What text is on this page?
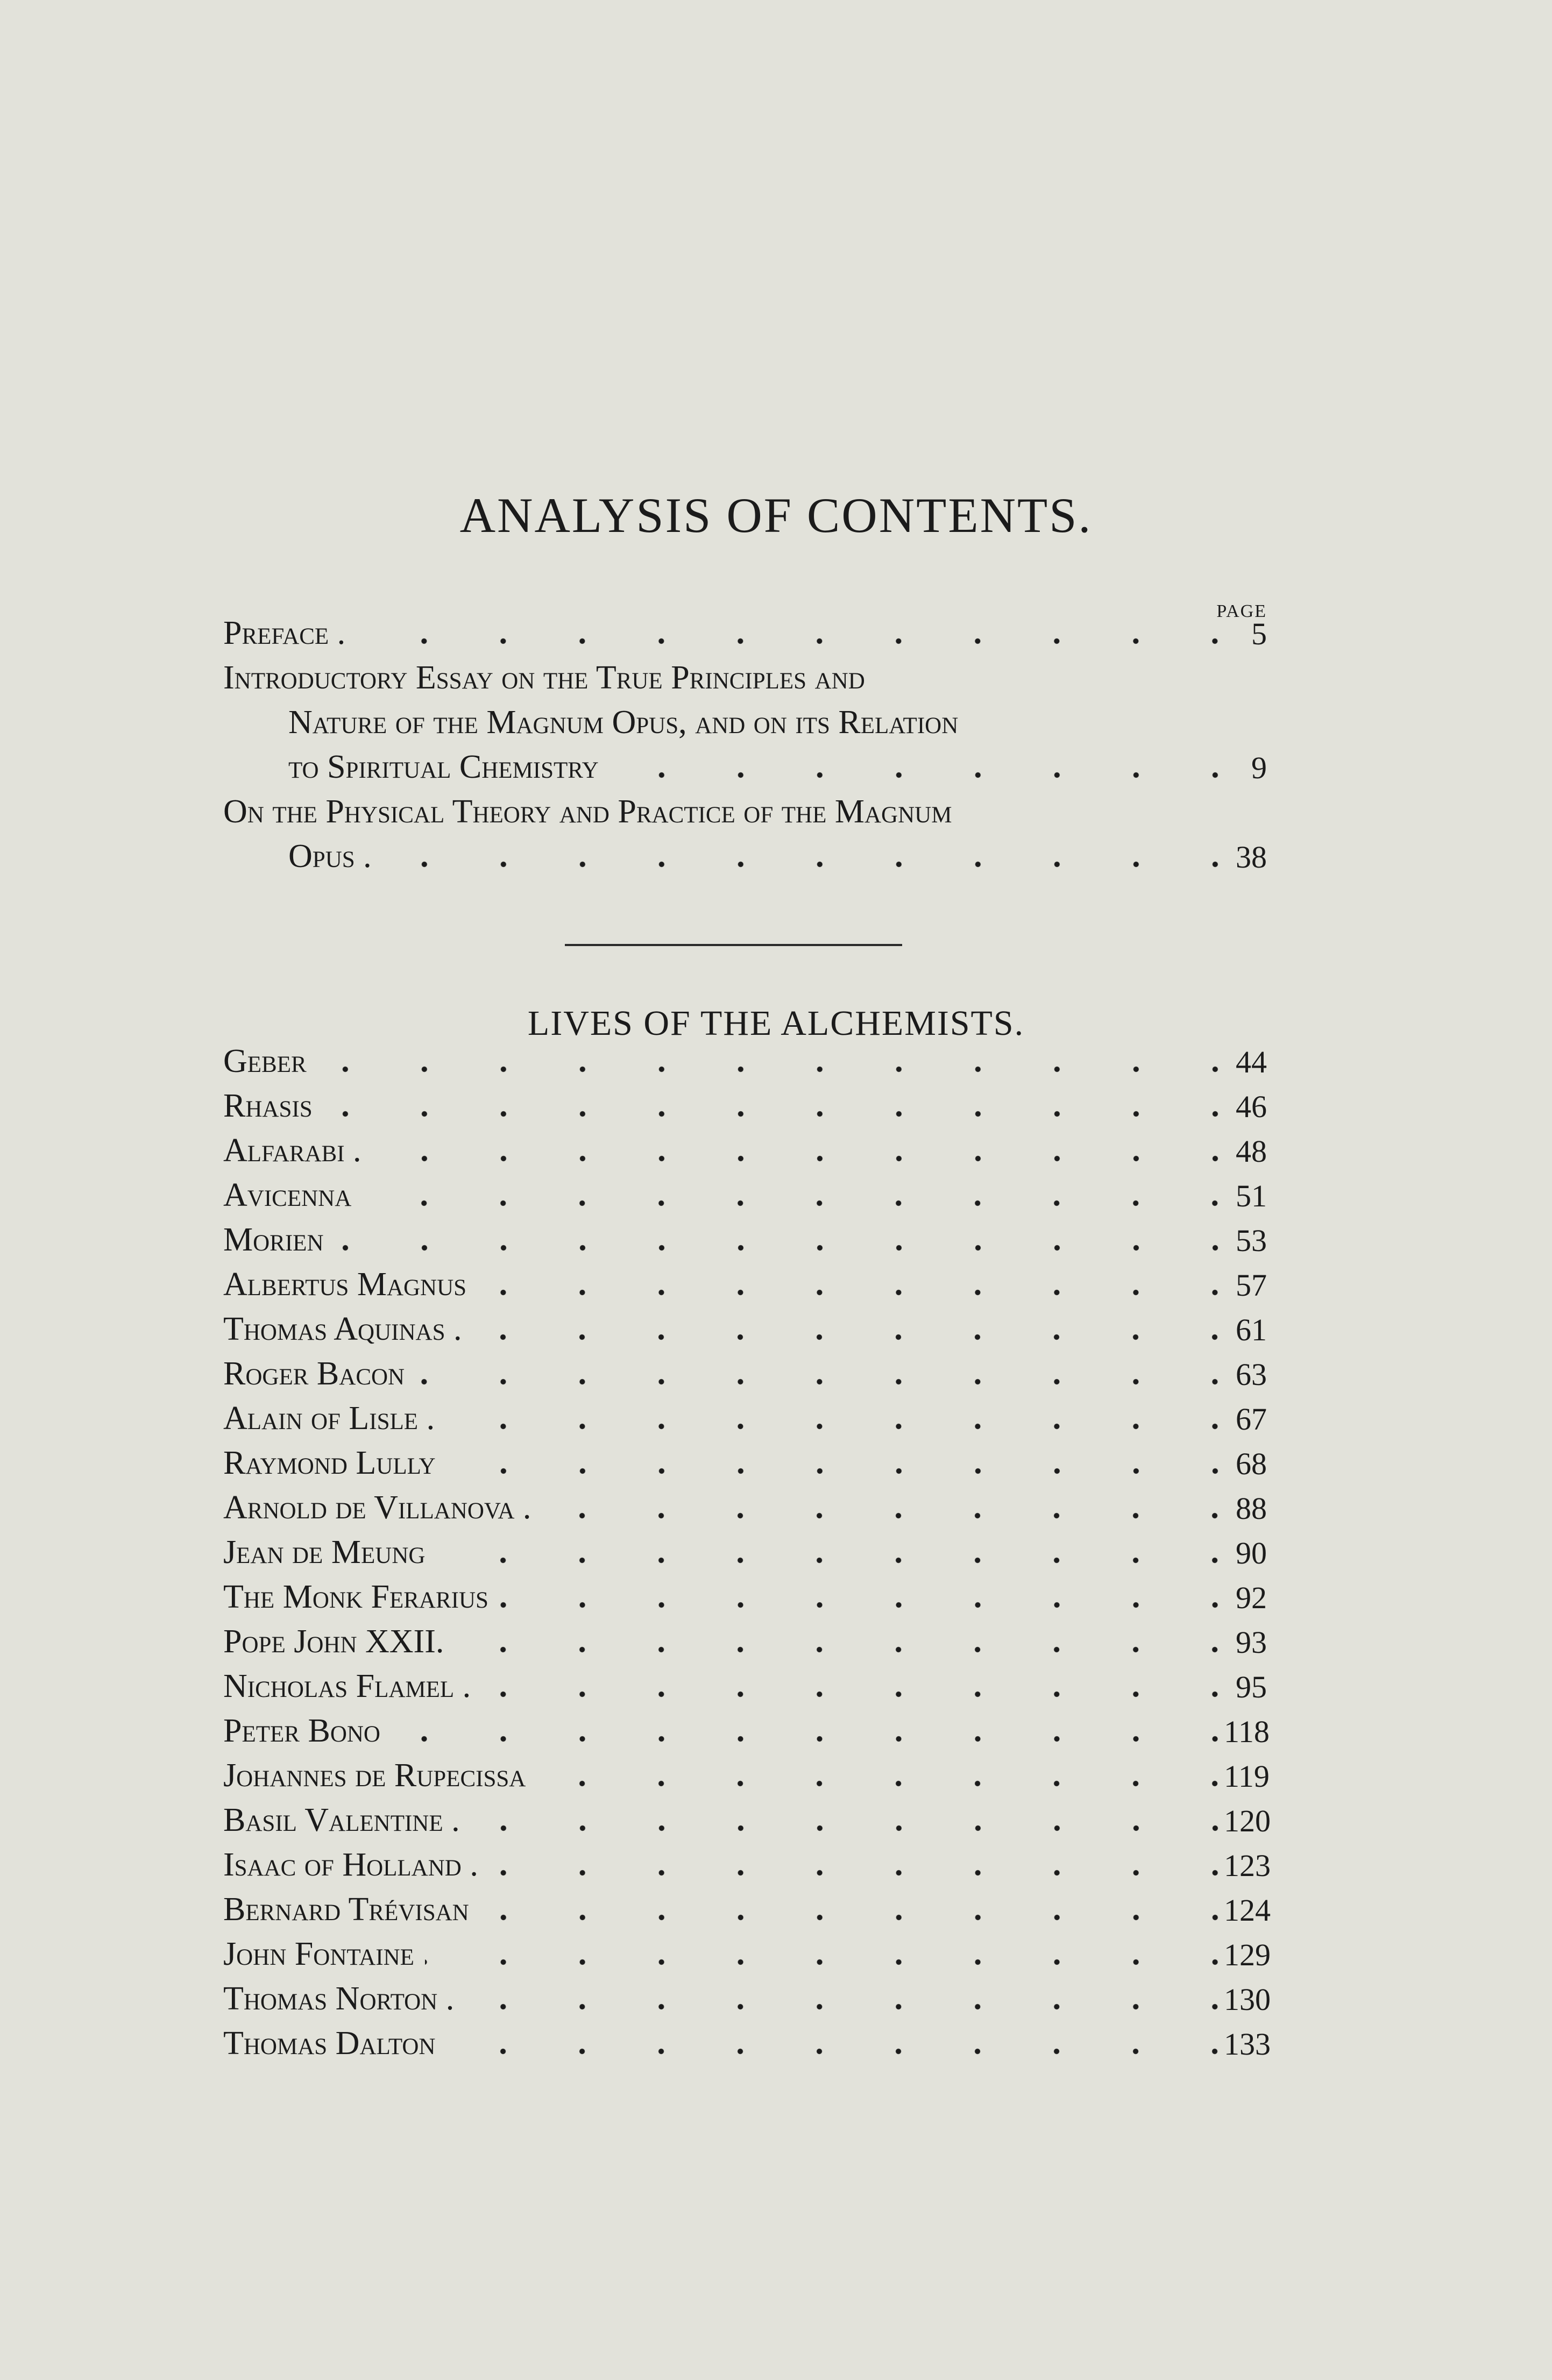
ANALYSIS OF CONTENTS.
PAGE
Preface .	5
Introductory Essay on the True Principles and
Nature of the Magnum Opus, and on its Relation
to Spiritual Chemistry	9
On the Physical Theory and Practice of the Magnum
Opus .	38
LIVES OF THE ALCHEMISTS.
Geber	44
Rhasis	46
Alfarabi .	48
Avicenna	51
Morien	53
Albertus Magnus	57
Thomas Aquinas .	61
Roger Bacon	63
Alain of Lisle .	67
Raymond Lully	68
Arnold de Villanova .	88
Jean de Meung	90
The Monk Ferarius	92
Pope John XXII.	93
Nicholas Flamel .	95
Peter Bono	118
Johannes de Rupecissa	119
Basil Valentine .	120
Isaac of Holland .	123
Bernard Trévisan	124
John Fontaine	129
Thomas Norton .	130
Thomas Dalton	133
